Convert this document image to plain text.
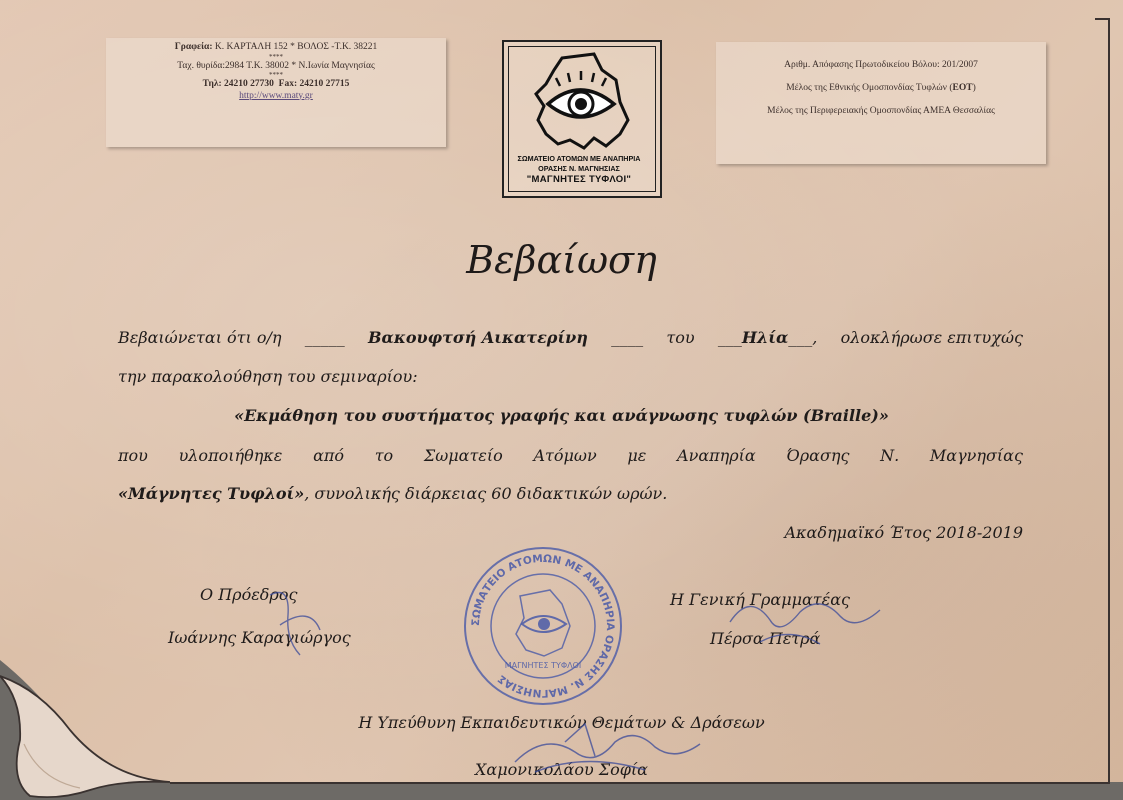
Γραφεία: Κ. ΚΑΡΤΑΛΗ 152 * ΒΟΛΟΣ -Τ.Κ. 38221
****
Ταχ. θυρίδα:2984 Τ.Κ. 38002 * Ν.Ιωνία Μαγνησίας
****
Τηλ: 24210 27730 Fax: 24210 27715
http://www.maty.gr
ΣΩΜΑΤΕΙΟ ΑΤΟΜΩΝ ΜΕ ΑΝΑΠΗΡΙΑ
ΟΡΑΣΗΣ Ν. ΜΑΓΝΗΣΙΑΣ
"ΜΑΓΝΗΤΕΣ ΤΥΦΛΟΙ"
Αριθμ. Απόφασης Πρωτοδικείου Βόλου: 201/2007
Μέλος της Εθνικής Ομοσπονδίας Τυφλών (ΕΟΤ)
Μέλος της Περιφερειακής Ομοσπονδίας ΑΜΕΑ Θεσσαλίας
Βεβαίωση
Βεβαιώνεται ότι ο/η _____ Βακουφτσή Αικατερίνη ____ του ___Ηλία___, ολοκλήρωσε επιτυχώς
την παρακολούθηση του σεμιναρίου:
«Εκμάθηση του συστήματος γραφής και ανάγνωσης τυφλών (Braille)»
που υλοποιήθηκε από το Σωματείο Ατόμων με Αναπηρία Όρασης Ν. Μαγνησίας
«Μάγνητες Τυφλοί», συνολικής διάρκειας 60 διδακτικών ωρών.
Ακαδημαϊκό Έτος 2018-2019
ΣΩΜΑΤΕΙΟ ΑΤΟΜΩΝ ΜΕ ΑΝΑΠΗΡΙΑ ΟΡΑΣΗΣ Ν. ΜΑΓΝΗΣΙΑΣ
ΜΑΓΝΗΤΕΣ ΤΥΦΛΟΙ
Ο Πρόεδρος
Ιωάννης Καραγιώργος
Η Γενική Γραμματέας
Πέρσα Πετρά
Η Υπεύθυνη Εκπαιδευτικών Θεμάτων & Δράσεων
Χαμονικολάου Σοφία
